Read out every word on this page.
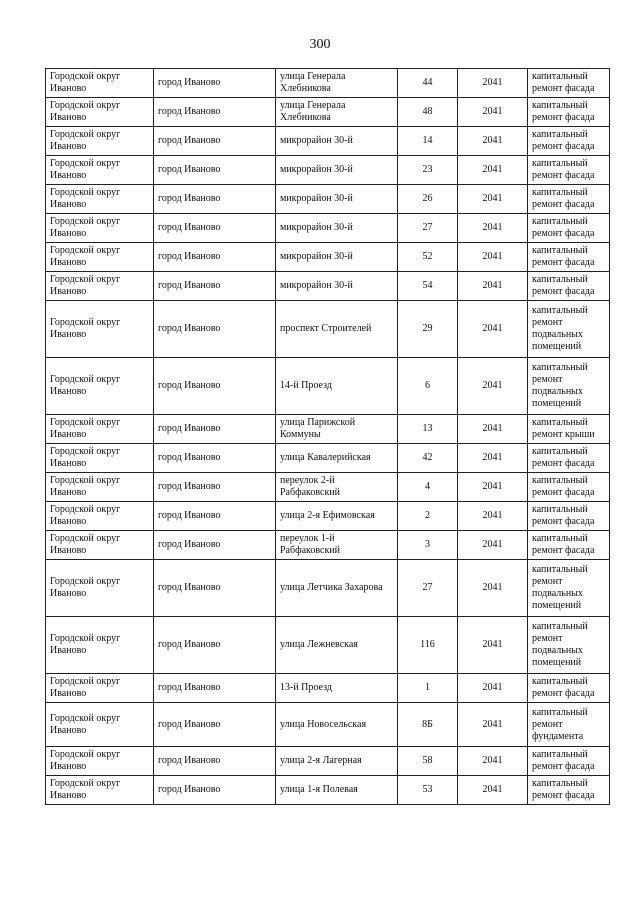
300
Городской округ Иваново	город Иваново	улица Генерала Хлебникова	44	2041	капитальный ремонт фасада
Городской округ Иваново	город Иваново	улица Генерала Хлебникова	48	2041	капитальный ремонт фасада
Городской округ Иваново	город Иваново	микрорайон 30-й	14	2041	капитальный ремонт фасада
Городской округ Иваново	город Иваново	микрорайон 30-й	23	2041	капитальный ремонт фасада
Городской округ Иваново	город Иваново	микрорайон 30-й	26	2041	капитальный ремонт фасада
Городской округ Иваново	город Иваново	микрорайон 30-й	27	2041	капитальный ремонт фасада
Городской округ Иваново	город Иваново	микрорайон 30-й	52	2041	капитальный ремонт фасада
Городской округ Иваново	город Иваново	микрорайон 30-й	54	2041	капитальный ремонт фасада
Городской округ Иваново	город Иваново	проспект Строителей	29	2041	капитальный ремонт подвальных помещений
Городской округ Иваново	город Иваново	14-й Проезд	6	2041	капитальный ремонт подвальных помещений
Городской округ Иваново	город Иваново	улица Парижской Коммуны	13	2041	капитальный ремонт крыши
Городской округ Иваново	город Иваново	улица Кавалерийская	42	2041	капитальный ремонт фасада
Городской округ Иваново	город Иваново	переулок 2-й Рабфаковский	4	2041	капитальный ремонт фасада
Городской округ Иваново	город Иваново	улица 2-я Ефимовская	2	2041	капитальный ремонт фасада
Городской округ Иваново	город Иваново	переулок 1-й Рабфаковский	3	2041	капитальный ремонт фасада
Городской округ Иваново	город Иваново	улица Летчика Захарова	27	2041	капитальный ремонт подвальных помещений
Городской округ Иваново	город Иваново	улица Лежневская	116	2041	капитальный ремонт подвальных помещений
Городской округ Иваново	город Иваново	13-й Проезд	1	2041	капитальный ремонт фасада
Городской округ Иваново	город Иваново	улица Новосельская	8Б	2041	капитальный ремонт фундамента
Городской округ Иваново	город Иваново	улица 2-я Лагерная	58	2041	капитальный ремонт фасада
Городской округ Иваново	город Иваново	улица 1-я Полевая	53	2041	капитальный ремонт фасада
